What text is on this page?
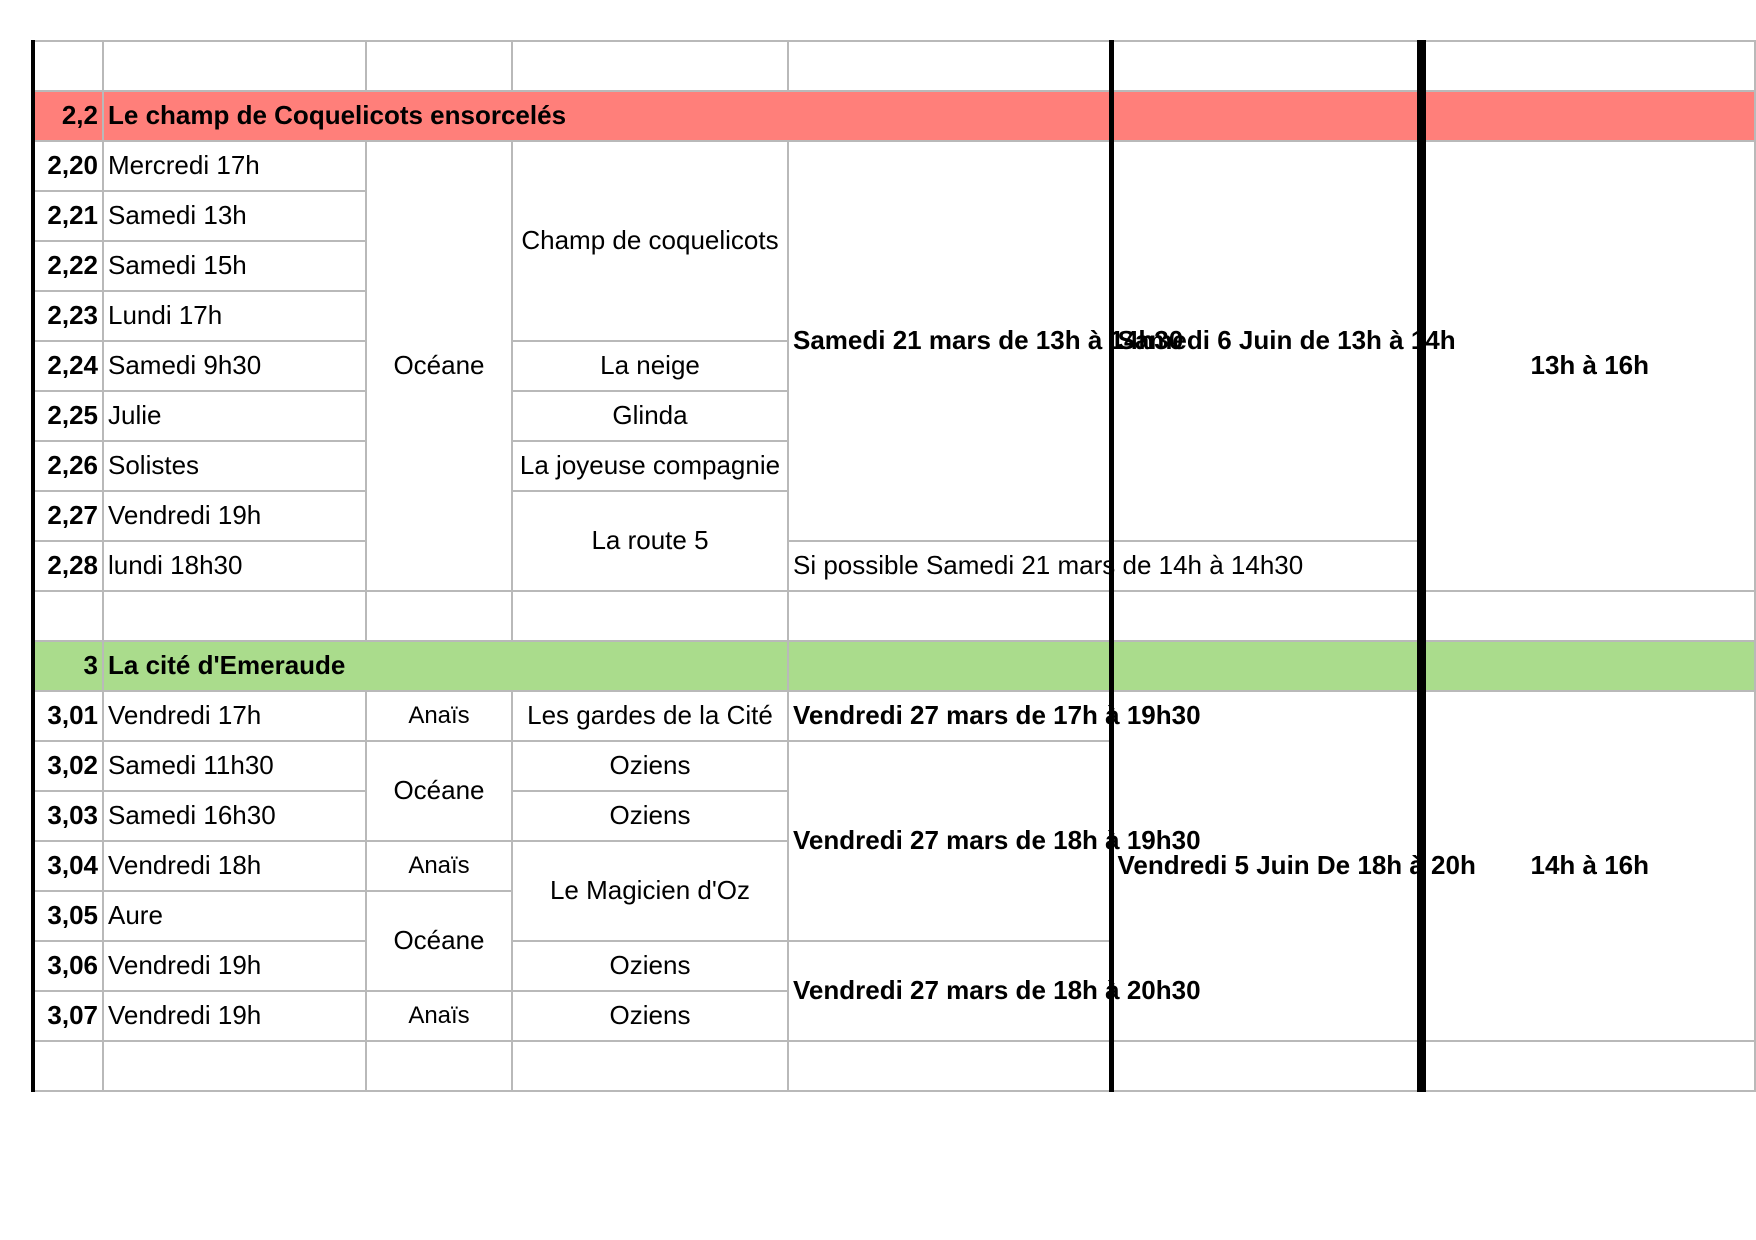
2,2	Le champ de Coquelicots ensorcelés					
2,20	Mercredi 17h	Océane	Champ de coquelicots	Samedi 21 mars de 13h à 14h30	Samedi 6 Juin de 13h à 14h	13h à 16h
2,21	Samedi 13h					
2,22	Samedi 15h					
2,23	Lundi 17h					
2,24	Samedi 9h30		La neige			
2,25	Julie		Glinda			
2,26	Solistes		La joyeuse compagnie			
2,27	Vendredi 19h		La route 5			
2,28	lundi 18h30			Si possible Samedi 21 mars de 14h à 14h30		

3	La cité d'Emeraude					
3,01	Vendredi 17h	Anaïs	Les gardes de la Cité	Vendredi 27 mars de 17h à 19h30	Vendredi 5 Juin De 18h à 20h	14h à 16h
3,02	Samedi 11h30	Océane	Oziens	Vendredi 27 mars de 18h à 19h30		
3,03	Samedi 16h30		Oziens			
3,04	Vendredi 18h	Anaïs	Le Magicien d'Oz			
3,05	Aure	Océane				
3,06	Vendredi 19h		Oziens	Vendredi 27 mars de 18h à 20h30		
3,07	Vendredi 19h	Anaïs	Oziens			
